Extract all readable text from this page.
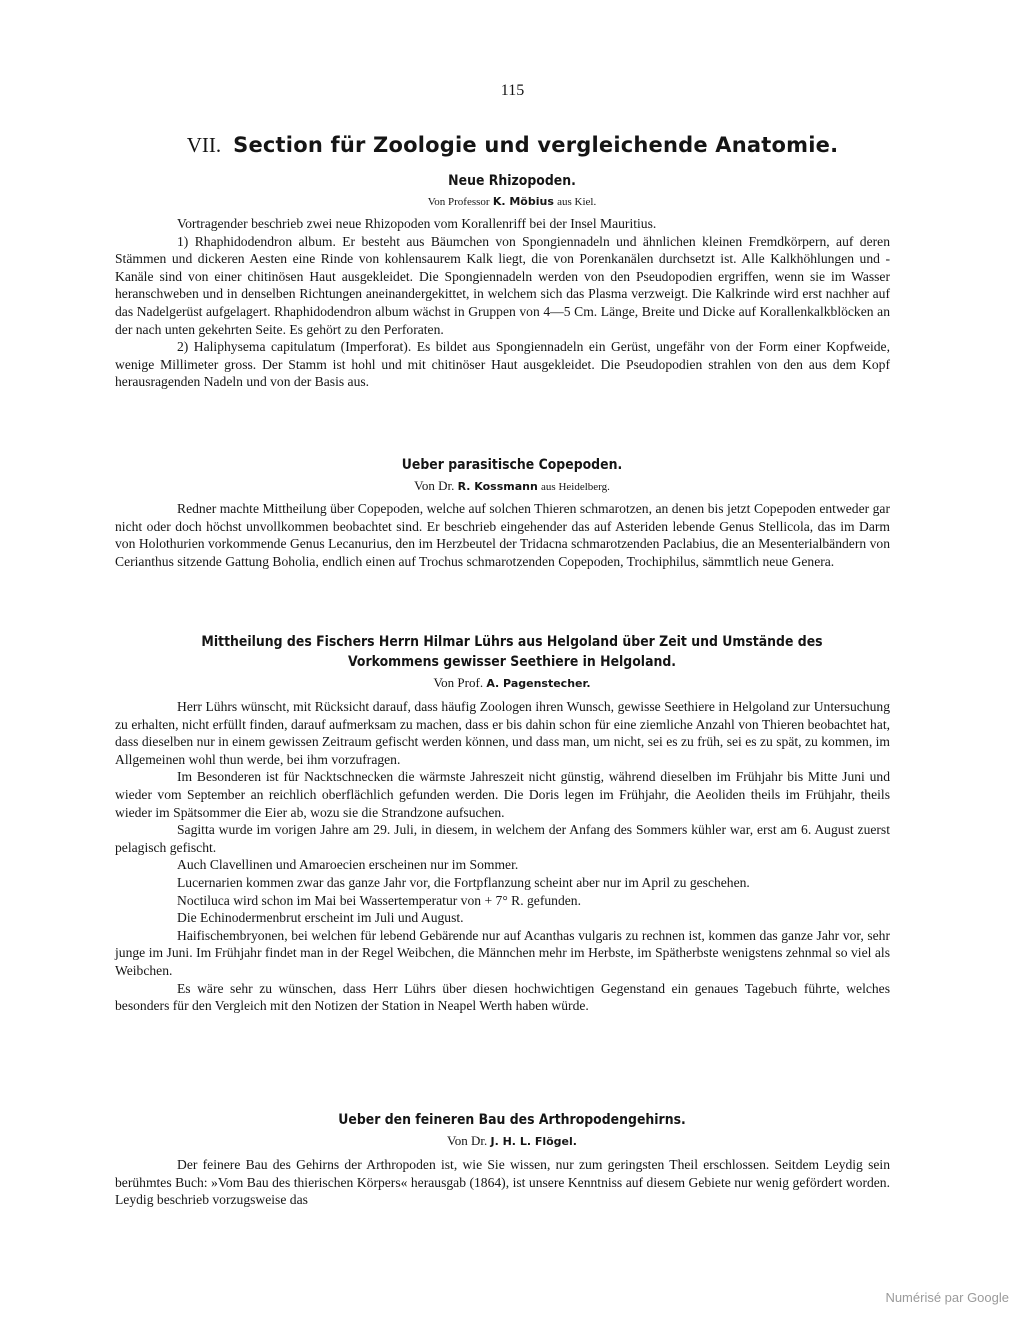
115
VII. Section für Zoologie und vergleichende Anatomie.
Neue Rhizopoden.
Von Professor K. Möbius aus Kiel.

Vortragender beschrieb zwei neue Rhizopoden vom Korallenriff bei der Insel Mauritius.

1) Rhaphidodendron album. Er besteht aus Bäumchen von Spongiennadeln und ähnlichen kleinen Fremdkörpern, auf deren Stämmen und dickeren Aesten eine Rinde von kohlensaurem Kalk liegt, die von Porenkanälen durchsetzt ist. Alle Kalkhöhlungen und -Kanäle sind von einer chitinösen Haut ausgekleidet. Die Spongiennadeln werden von den Pseudopodien ergriffen, wenn sie im Wasser heranschweben und in denselben Richtungen aneinandergekittet, in welchem sich das Plasma verzweigt. Die Kalkrinde wird erst nachher auf das Nadelgerüst aufgelagert. Rhaphidodendron album wächst in Gruppen von 4—5 Cm. Länge, Breite und Dicke auf Korallenkalkblöcken an der nach unten gekehrten Seite. Es gehört zu den Perforaten.

2) Haliphysema capitulatum (Imperforat). Es bildet aus Spongiennadeln ein Gerüst, ungefähr von der Form einer Kopfweide, wenige Millimeter gross. Der Stamm ist hohl und mit chitinöser Haut ausgekleidet. Die Pseudopodien strahlen von den aus dem Kopf herausragenden Nadeln und von der Basis aus.

Ueber parasitische Copepoden.
Von Dr. R. Kossmann aus Heidelberg.

Redner machte Mittheilung über Copepoden, welche auf solchen Thieren schmarotzen, an denen bis jetzt Copepoden entweder gar nicht oder doch höchst unvollkommen beobachtet sind. Er beschrieb eingehender das auf Asteriden lebende Genus Stellicola, das im Darm von Holothurien vorkommende Genus Lecanurius, den im Herzbeutel der Tridacna schmarotzenden Paclabius, die an Mesenterialbändern von Cerianthus sitzende Gattung Boholia, endlich einen auf Trochus schmarotzenden Copepoden, Trochiphilus, sämmtlich neue Genera.

Mittheilung des Fischers Herrn Hilmar Lührs aus Helgoland über Zeit und Umstände des
Vorkommens gewisser Seethiere in Helgoland.
Von Prof. A. Pagenstecher.

Herr Lührs wünscht, mit Rücksicht darauf, dass häufig Zoologen ihren Wunsch, gewisse Seethiere in Helgoland zur Untersuchung zu erhalten, nicht erfüllt finden, darauf aufmerksam zu machen, dass er bis dahin schon für eine ziemliche Anzahl von Thieren beobachtet hat, dass dieselben nur in einem gewissen Zeitraum gefischt werden können, und dass man, um nicht, sei es zu früh, sei es zu spät, zu kommen, im Allgemeinen wohl thun werde, bei ihm vorzufragen.

Im Besonderen ist für Nacktschnecken die wärmste Jahreszeit nicht günstig, während dieselben im Frühjahr bis Mitte Juni und wieder vom September an reichlich oberflächlich gefunden werden. Die Doris legen im Frühjahr, die Aeoliden theils im Frühjahr, theils wieder im Spätsommer die Eier ab, wozu sie die Strandzone aufsuchen.

Sagitta wurde im vorigen Jahre am 29. Juli, in diesem, in welchem der Anfang des Sommers kühler war, erst am 6. August zuerst pelagisch gefischt.

Auch Clavellinen und Amaroecien erscheinen nur im Sommer.

Lucernarien kommen zwar das ganze Jahr vor, die Fortpflanzung scheint aber nur im April zu geschehen.

Noctiluca wird schon im Mai bei Wassertemperatur von + 7° R. gefunden.

Die Echinodermenbrut erscheint im Juli und August.

Haifischembryonen, bei welchen für lebend Gebärende nur auf Acanthas vulgaris zu rechnen ist, kommen das ganze Jahr vor, sehr junge im Juni. Im Frühjahr findet man in der Regel Weibchen, die Männchen mehr im Herbste, im Spätherbste wenigstens zehnmal so viel als Weibchen.

Es wäre sehr zu wünschen, dass Herr Lührs über diesen hochwichtigen Gegenstand ein genaues Tagebuch führte, welches besonders für den Vergleich mit den Notizen der Station in Neapel Werth haben würde.

Ueber den feineren Bau des Arthropodengehirns.
Von Dr. J. H. L. Flögel.

Der feinere Bau des Gehirns der Arthropoden ist, wie Sie wissen, nur zum geringsten Theil erschlossen. Seitdem Leydig sein berühmtes Buch: »Vom Bau des thierischen Körpers« herausgab (1864), ist unsere Kenntniss auf diesem Gebiete nur wenig gefördert worden. Leydig beschrieb vorzugsweise das

Numérisé par Google
